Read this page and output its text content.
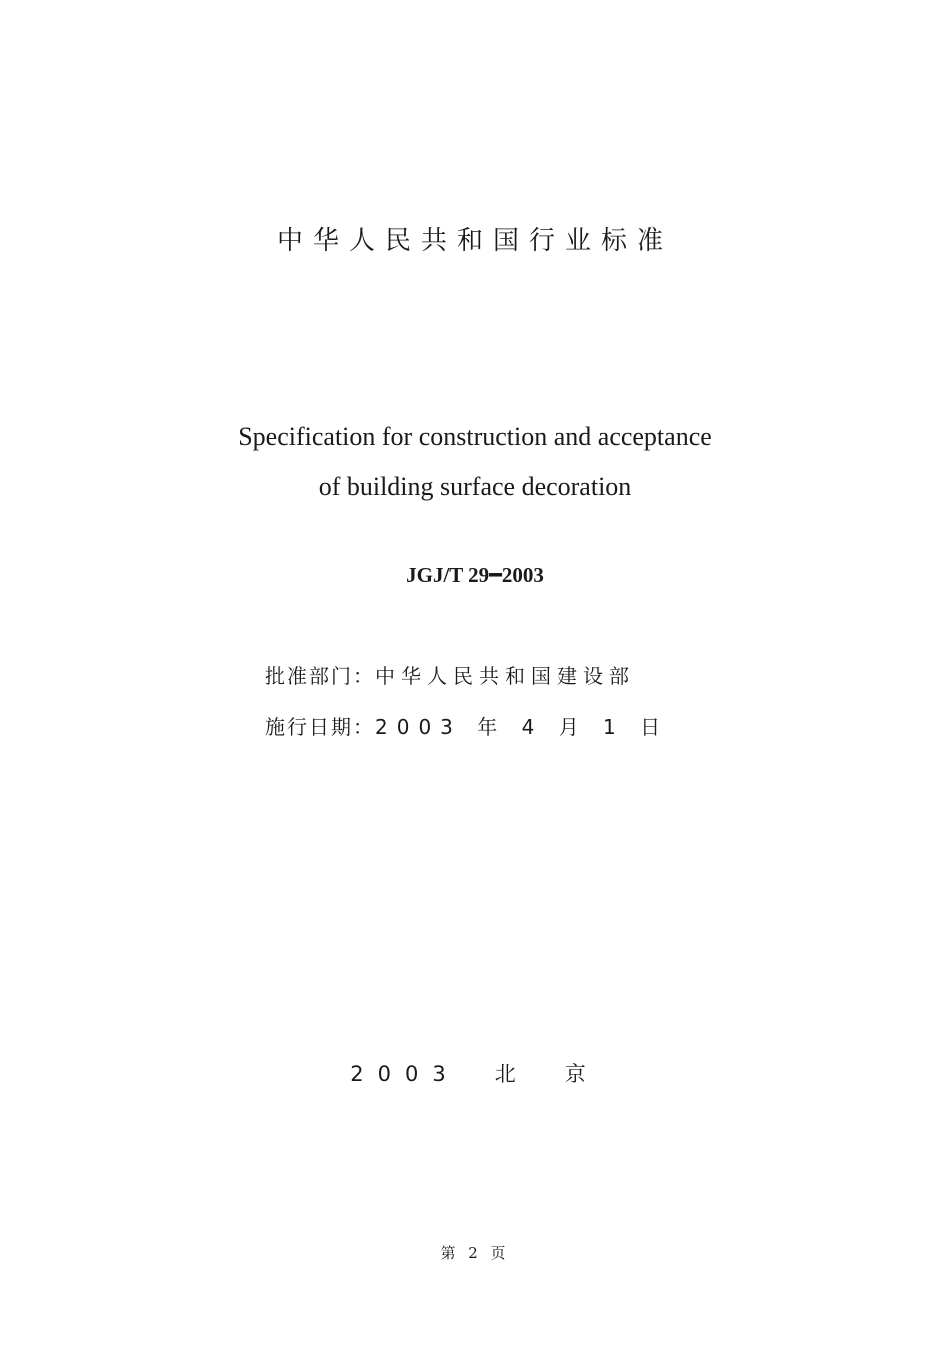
中华人民共和国行业标准
Specification for construction and acceptance
of building surface decoration
JGJ/T 29━2003
批准部门：中华人民共和国建设部
施行日期：2003 年 4 月 1 日
2003　北　京
第 2 页
